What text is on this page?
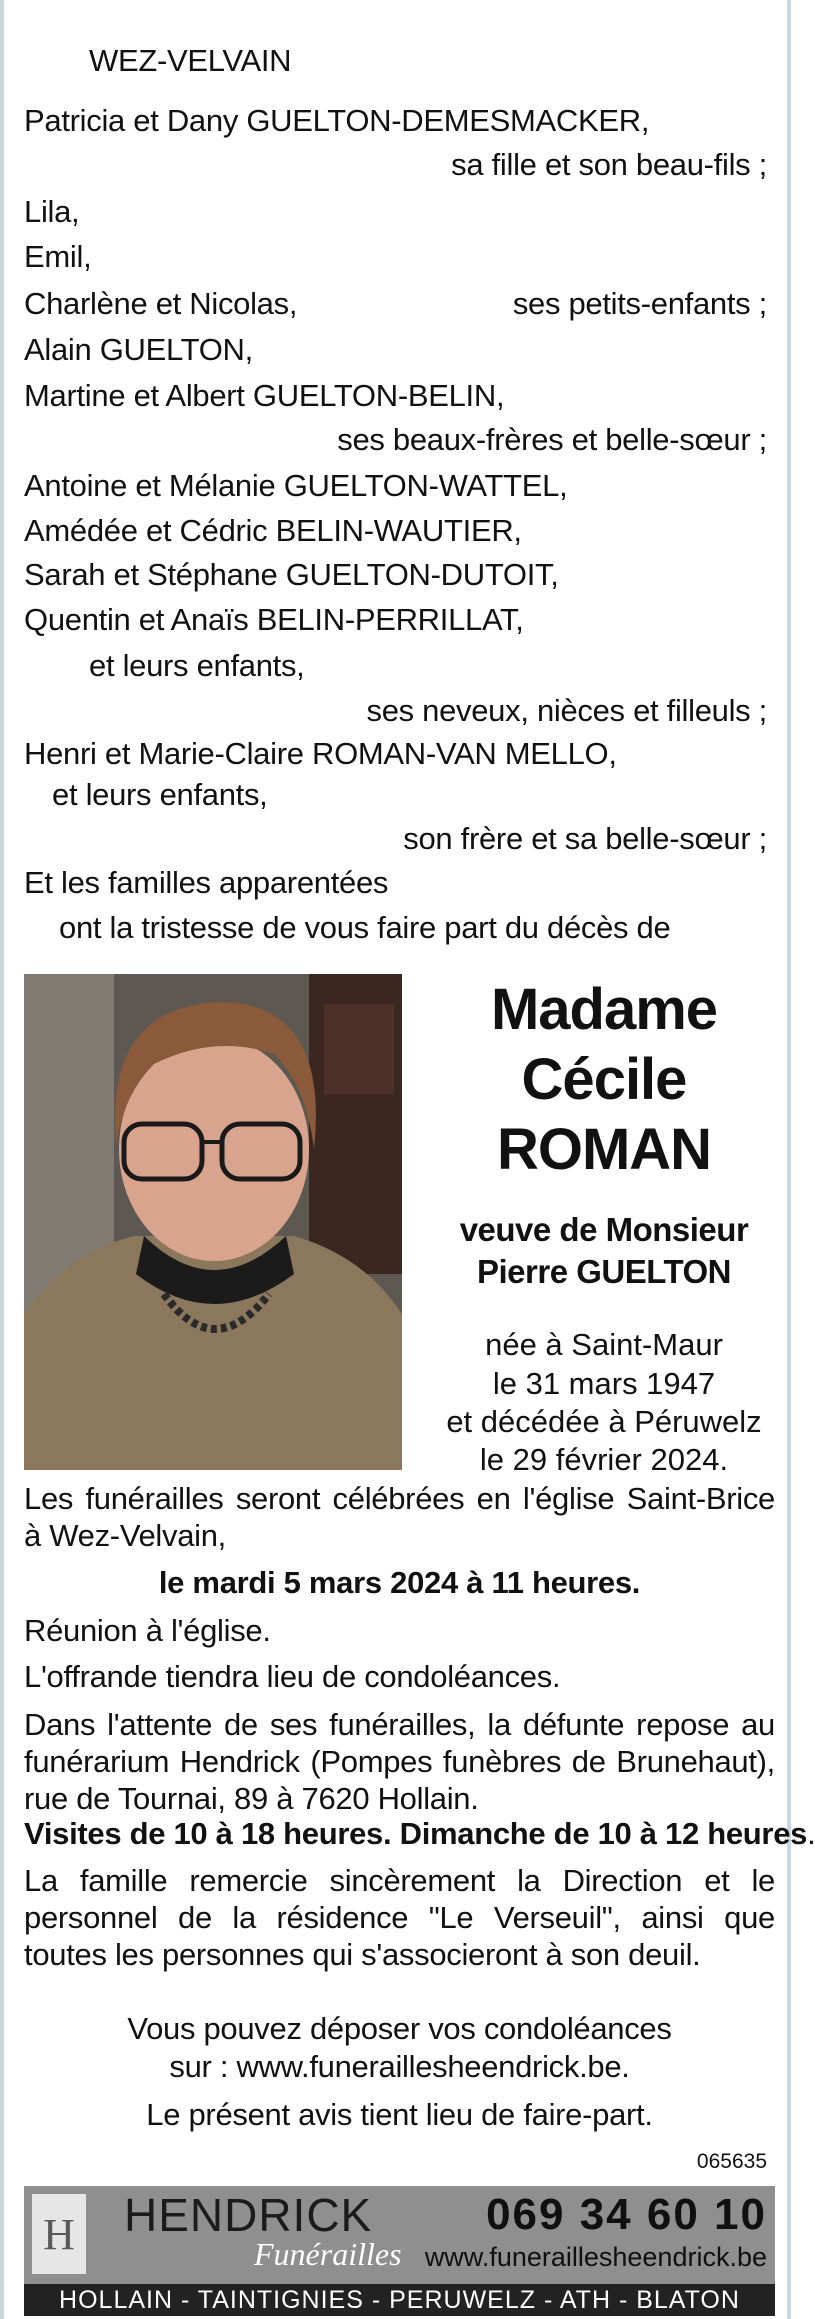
WEZ-VELVAIN
Patricia et Dany GUELTON-DEMESMACKER,
sa fille et son beau-fils ;
Lila,
Emil,
Charlène et Nicolas,	ses petits-enfants ;
Alain GUELTON,
Martine et Albert GUELTON-BELIN,
ses beaux-frères et belle-sœur ;
Antoine et Mélanie GUELTON-WATTEL,
Amédée et Cédric BELIN-WAUTIER,
Sarah et Stéphane GUELTON-DUTOIT,
Quentin et Anaïs BELIN-PERRILLAT,
et leurs enfants,
ses neveux, nièces et filleuls ;
Henri et Marie-Claire ROMAN-VAN MELLO,
et leurs enfants,
son frère et sa belle-sœur ;
Et les familles apparentées
ont la tristesse de vous faire part du décès de
Madame
Cécile
ROMAN
veuve de Monsieur
Pierre GUELTON
née à Saint-Maur
le 31 mars 1947
et décédée à Péruwelz
le 29 février 2024.
Les funérailles seront célébrées en l'église Saint-Brice à Wez-Velvain,
le mardi 5 mars 2024 à 11 heures.
Réunion à l'église.
L'offrande tiendra lieu de condoléances.
Dans l'attente de ses funérailles, la défunte repose au funérarium Hendrick (Pompes funèbres de Brunehaut), rue de Tournai, 89 à 7620 Hollain.
Visites de 10 à 18 heures. Dimanche de 10 à 12 heures.
La famille remercie sincèrement la Direction et le personnel de la résidence "Le Verseuil", ainsi que toutes les personnes qui s'associeront à son deuil.
Vous pouvez déposer vos condoléances
sur : www.funeraillesheendrick.be.
Le présent avis tient lieu de faire-part.
065635
H HENDRICK
Funérailles
069 34 60 10
www.funeraillesheendrick.be
HOLLAIN - TAINTIGNIES - PERUWELZ - ATH - BLATON
